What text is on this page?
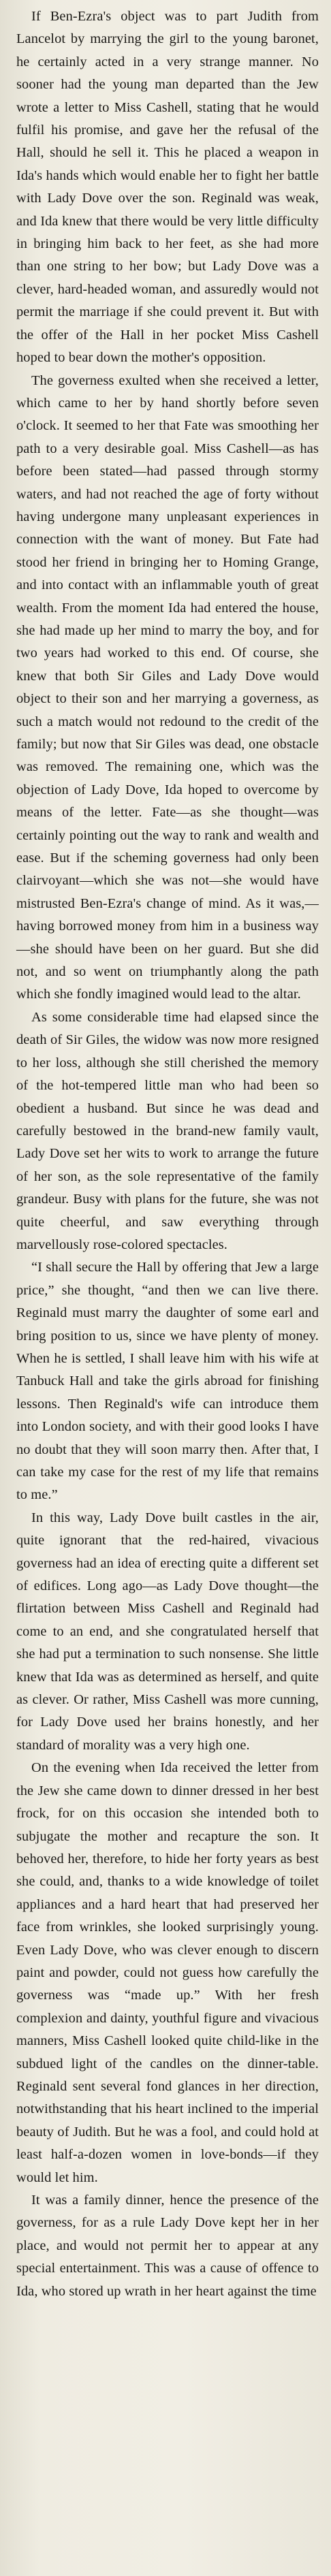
If Ben-Ezra's object was to part Judith from Lancelot by marrying the girl to the young baronet, he certainly acted in a very strange manner. No sooner had the young man departed than the Jew wrote a letter to Miss Cashell, stating that he would fulfil his promise, and gave her the refusal of the Hall, should he sell it. This he placed a weapon in Ida's hands which would enable her to fight her battle with Lady Dove over the son. Reginald was weak, and Ida knew that there would be very little difficulty in bringing him back to her feet, as she had more than one string to her bow; but Lady Dove was a clever, hard-headed woman, and assuredly would not permit the marriage if she could prevent it. But with the offer of the Hall in her pocket Miss Cashell hoped to bear down the mother's opposition.

The governess exulted when she received a letter, which came to her by hand shortly before seven o'clock. It seemed to her that Fate was smoothing her path to a very desirable goal. Miss Cashell—as has before been stated—had passed through stormy waters, and had not reached the age of forty without having undergone many unpleasant experiences in connection with the want of money. But Fate had stood her friend in bringing her to Homing Grange, and into contact with an inflammable youth of great wealth. From the moment Ida had entered the house, she had made up her mind to marry the boy, and for two years had worked to this end. Of course, she knew that both Sir Giles and Lady Dove would object to their son and her marrying a governess, as such a match would not redound to the credit of the family; but now that Sir Giles was dead, one obstacle was removed. The remaining one, which was the objection of Lady Dove, Ida hoped to overcome by means of the letter. Fate—as she thought—was certainly pointing out the way to rank and wealth and ease. But if the scheming governess had only been clairvoyant—which she was not—she would have mistrusted Ben-Ezra's change of mind. As it was,—having borrowed money from him in a business way—she should have been on her guard. But she did not, and so went on triumphantly along the path which she fondly imagined would lead to the altar.

As some considerable time had elapsed since the death of Sir Giles, the widow was now more resigned to her loss, although she still cherished the memory of the hot-tempered little man who had been so obedient a husband. But since he was dead and carefully bestowed in the brand-new family vault, Lady Dove set her wits to work to arrange the future of her son, as the sole representative of the family grandeur. Busy with plans for the future, she was not quite cheerful, and saw everything through marvellously rose-colored spectacles.

“I shall secure the Hall by offering that Jew a large price,” she thought, “and then we can live there. Reginald must marry the daughter of some earl and bring position to us, since we have plenty of money. When he is settled, I shall leave him with his wife at Tanbuck Hall and take the girls abroad for finishing lessons. Then Reginald's wife can introduce them into London society, and with their good looks I have no doubt that they will soon marry then. After that, I can take my case for the rest of my life that remains to me.”

In this way, Lady Dove built castles in the air, quite ignorant that the red-haired, vivacious governess had an idea of erecting quite a different set of edifices. Long ago—as Lady Dove thought—the flirtation between Miss Cashell and Reginald had come to an end, and she congratulated herself that she had put a termination to such nonsense. She little knew that Ida was as determined as herself, and quite as clever. Or rather, Miss Cashell was more cunning, for Lady Dove used her brains honestly, and her standard of morality was a very high one.

On the evening when Ida received the letter from the Jew she came down to dinner dressed in her best frock, for on this occasion she intended both to subjugate the mother and recapture the son. It behoved her, therefore, to hide her forty years as best she could, and, thanks to a wide knowledge of toilet appliances and a hard heart that had preserved her face from wrinkles, she looked surprisingly young. Even Lady Dove, who was clever enough to discern paint and powder, could not guess how carefully the governess was “made up.” With her fresh complexion and dainty, youthful figure and vivacious manners, Miss Cashell looked quite child-like in the subdued light of the candles on the dinner-table. Reginald sent several fond glances in her direction, notwithstanding that his heart inclined to the imperial beauty of Judith. But he was a fool, and could hold at least half-a-dozen women in love-bonds—if they would let him.

It was a family dinner, hence the presence of the governess, for as a rule Lady Dove kept her in her place, and would not permit her to appear at any special entertainment. This was a cause of offence to Ida, who stored up wrath in her heart against the time
